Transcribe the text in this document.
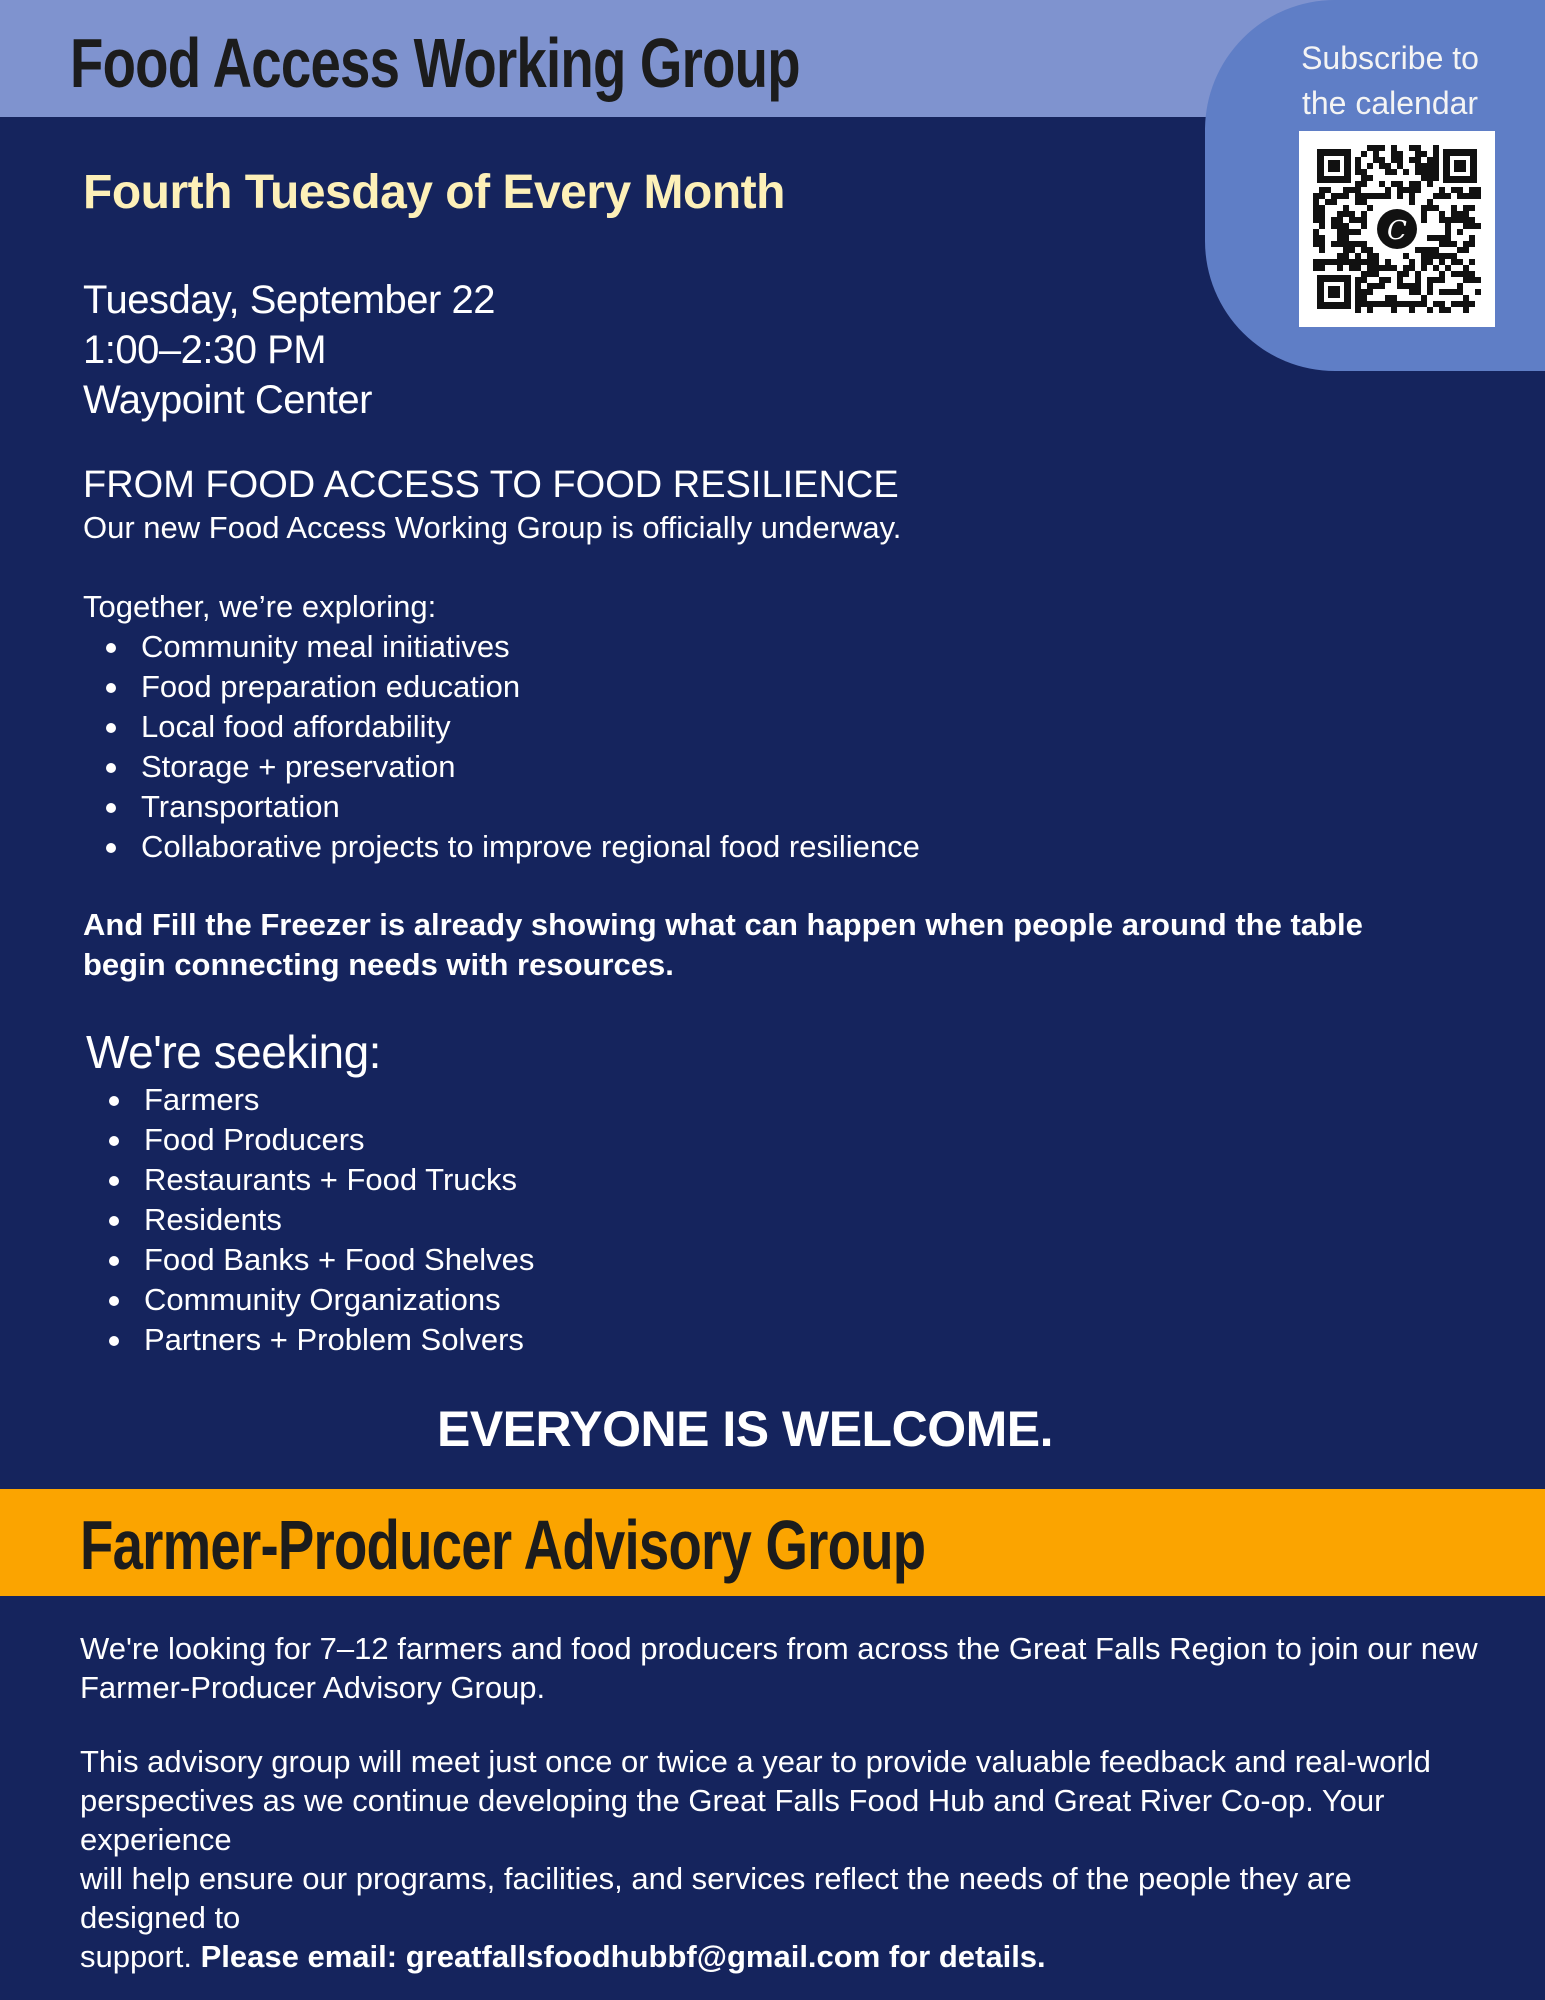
Food Access Working Group	Subscribe to
the calendar
C
Fourth Tuesday of Every Month
Tuesday, September 22
1:00–2:30 PM
Waypoint Center
FROM FOOD ACCESS TO FOOD RESILIENCE
Our new Food Access Working Group is officially underway.
Together, we’re exploring:
Community meal initiatives
Food preparation education
Local food affordability
Storage + preservation
Transportation
Collaborative projects to improve regional food resilience
And Fill the Freezer is already showing what can happen when people around the table
begin connecting needs with resources.
We're seeking:
Farmers
Food Producers
Restaurants + Food Trucks
Residents
Food Banks + Food Shelves
Community Organizations
Partners + Problem Solvers
EVERYONE IS WELCOME.
Farmer-Producer Advisory Group
We're looking for 7–12 farmers and food producers from across the Great Falls Region to join our new
Farmer-Producer Advisory Group.
This advisory group will meet just once or twice a year to provide valuable feedback and real-world
perspectives as we continue developing the Great Falls Food Hub and Great River Co-op. Your experience
will help ensure our programs, facilities, and services reflect the needs of the people they are designed to
support. Please email: greatfallsfoodhubbf@gmail.com for details.
